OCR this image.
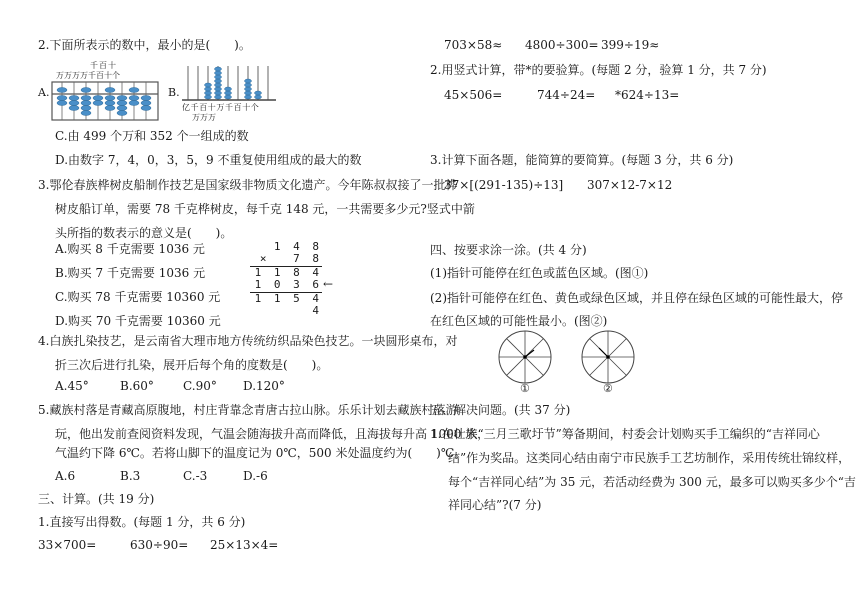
2.下面所表示的数中，最小的是(　　)。
A.
千百十
万万万万千百十个
B.
亿千百十万千百十个
万万万
C.由 499 个万和 352 个一组成的数
D.由数字 7，4，0，3，5，9 不重复使用组成的最大的数
3.鄂伦春族桦树皮船制作技艺是国家级非物质文化遗产。今年陈叔叔接了一批桦
树皮船订单，需要 78 千克桦树皮，每千克 148 元，一共需要多少元?竖式中箭
头所指的数表示的意义是(　　)。
A.购买 8 千克需要 1036 元
B.购买 7 千克需要 1036 元
C.购买 78 千克需要 10360 元
D.购买 70 千克需要 10360 元
1 4 8
×　 7 8
1 1 8 4
1 0 3 6
1 1 5 4 4
←
4.白族扎染技艺，是云南省大理市地方传统纺织品染色技艺。一块圆形桌布，对
折三次后进行扎染，展开后每个角的度数是(　　)。
A.45°	B.60° C.90° D.120°
5.藏族村落是青藏高原腹地，村庄背靠念青唐古拉山脉。乐乐计划去藏族村落游
玩，他出发前查阅资料发现，气温会随海拔升高而降低，且海拔每升高 1000 米，
气温约下降 6℃。若将山脚下的温度记为 0℃，500 米处温度约为(　　)℃。
A.6	B.3	C.-3	D.-6
三、计算。(共 19 分)
1.直接写出得数。(每题 1 分，共 6 分)
33×700=	630÷90= 25×13×4=
703×58≈ 4800÷300= 399÷19≈
2.用竖式计算，带*的要验算。(每题 2 分，验算 1 分，共 7 分)
45×506=	744÷24= *624÷13=
3.计算下面各题，能简算的要简算。(每题 3 分，共 6 分)
37×[(291-135)÷13] 307×12-7×12
四、按要求涂一涂。(共 4 分)
(1)指针可能停在红色或蓝色区域。(图①)
(2)指针可能停在红色、黄色或绿色区域，并且停在绿色区域的可能性最大，停
在红色区域的可能性最小。(图②)
①	②
五、解决问题。(共 37 分)
1.在壮族“三月三歌圩节”筹备期间，村委会计划购买手工编织的“吉祥同心
结”作为奖品。这类同心结由南宁市民族手工艺坊制作，采用传统壮锦纹样，
每个“吉祥同心结”为 35 元，若活动经费为 300 元，最多可以购买多少个“吉
祥同心结”?(7 分)
